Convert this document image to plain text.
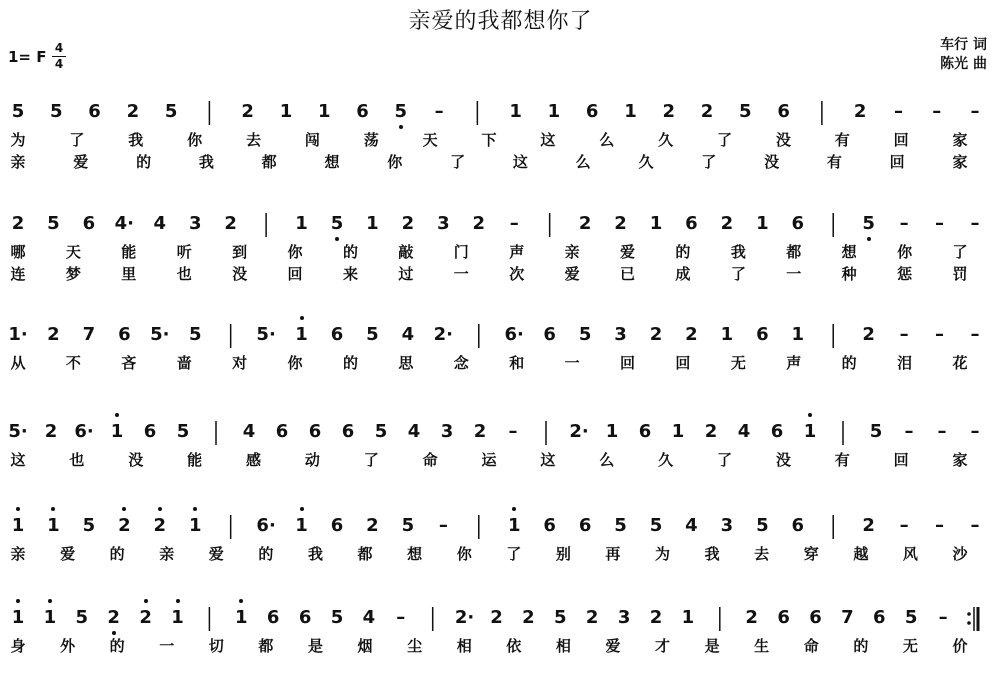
亲爱的我都想你了
1= F 4
4
车行 词
陈光 曲
5 5 6 2 5	2 1 1 6 5	–	1 1 6 1 2 2 5 6	2	–	–	–
为	了	我	你	去	闯	荡	天	下	这	么	久	了	没	有	回	家
亲	爱	的	我	都	想	你	了	这	么	久	了	没	有	回	家
2 5 6 4· 4 3 2	1 5 1 2 3 2	–	2 2 1 6 2 1 6	5	–	–	–
哪	天	能	听	到	你	的	敲	门	声	亲	爱	的	我	都	想	你	了
连	梦	里	也	没	回	来	过	一	次	爱	已	成	了	一	种	惩	罚
1· 2 7 6 5· 5	5· 1 6 5 4 2·	6· 6 5 3 2 2 1 6 1	2	–	–	–
从	不	吝	啬	对	你	的	思	念	和	一	回	回	无	声	的	泪	花
5· 2 6· 1 6 5	4 6 6 6 5 4 3 2	–	2· 1 6 1 2 4 6 1	5	–	–	–
这	也	没	能	感	动	了	命	运	这	么	久	了	没	有	回	家
1 1 5 2 2 1	6· 1 6 2 5	–	1 6 6 5 5 4 3 5 6	2	–	–	–
亲 爱 的 亲 爱 的 我 都 想 你 了 别 再 为 我 去 穿 越 风 沙
1 1 5 2 2 1	1 6 6 5 4	–	2· 2 2 5 2 3 2 1	2 6 6 7 6 5	–
身 外 的 一 切 都 是 烟 尘 相 依 相 爱 才 是 生 命 的 无 价
